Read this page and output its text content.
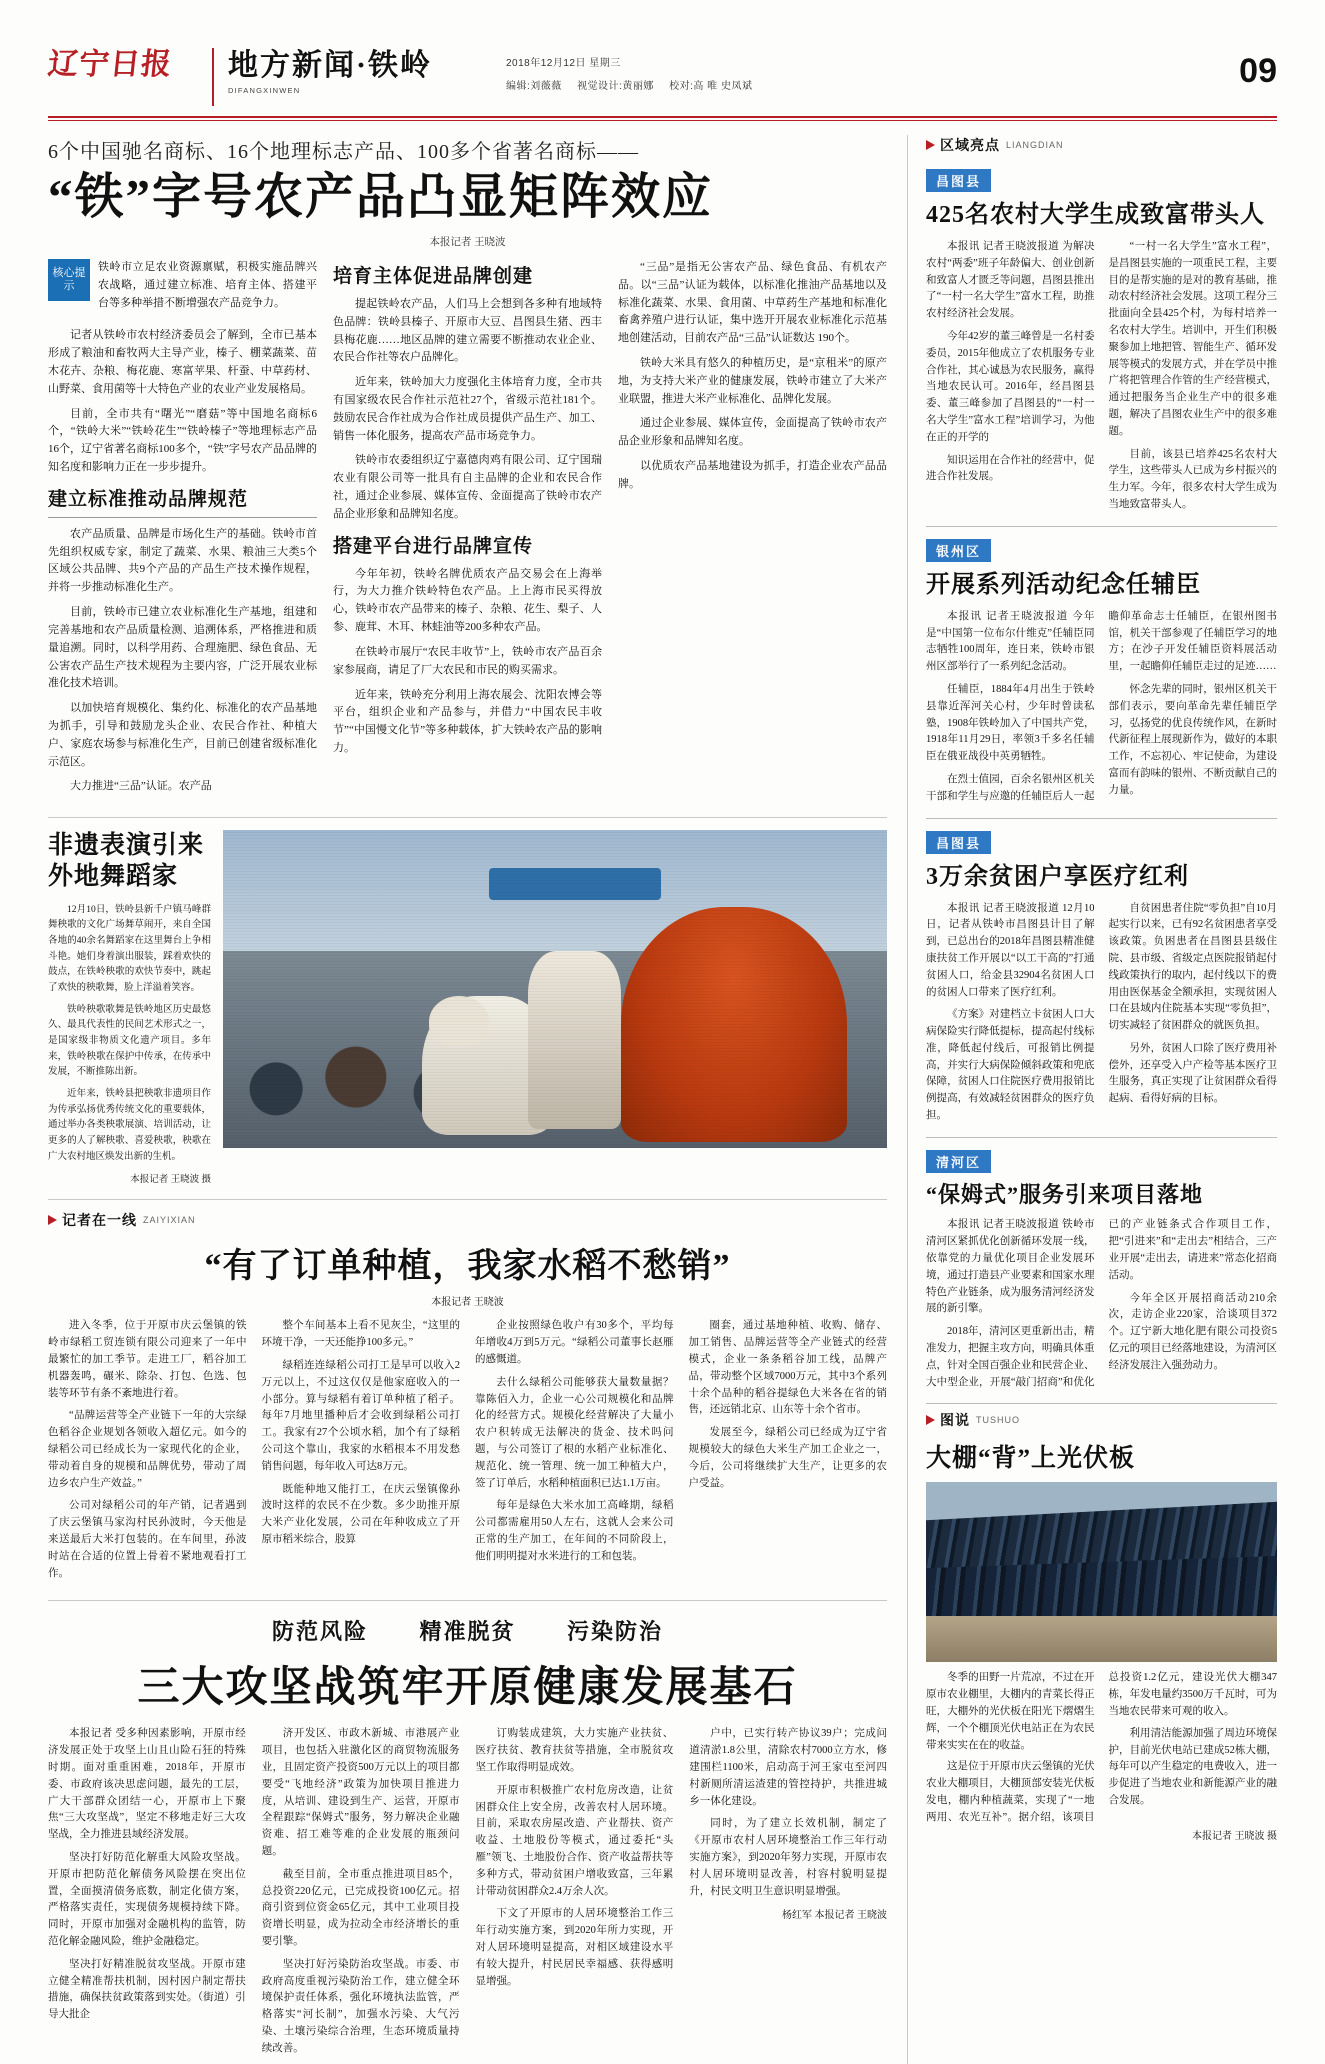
辽宁日报	地方新闻·铁岭
DIFANGXINWEN
2018年12月12日 星期三
编辑:刘薇薇 视觉设计:黄丽娜 校对:高 唯 史凤斌	09
6个中国驰名商标、16个地理标志产品、100多个省著名商标——
“铁”字号农产品凸显矩阵效应
本报记者 王晓波
核心提示

铁岭市立足农业资源禀赋，积极实施品牌兴农战略，通过建立标准、培育主体、搭建平台等多种举措不断增强农产品竞争力。

记者从铁岭市农村经济委员会了解到，全市已基本形成了粮油和畜牧两大主导产业，榛子、棚菜蔬菜、苗木花卉、杂粮、梅花鹿、寒富苹果、杆蚕、中草药材、山野菜、食用菌等十大特色产业的农业产业发展格局。

目前，全市共有“曙光”“磨菇”等中国地名商标6个，“铁岭大米”“铁岭花生”“铁岭榛子”等地理标志产品16个，辽宁省著名商标100多个，“铁”字号农产品品牌的知名度和影响力正在一步步提升。

建立标准推动品牌规范

农产品质量、品牌是市场化生产的基础。铁岭市首先组织权威专家，制定了蔬菜、水果、粮油三大类5个区域公共品牌、共9个产品的产品生产技术操作规程，并将一步推动标准化生产。

目前，铁岭市已建立农业标准化生产基地，组建和完善基地和农产品质量检测、追溯体系，严格推进和质量追溯。同时，以科学用药、合理施肥、绿色食品、无公害农产品生产技术规程为主要内容，广泛开展农业标准化技术培训。

以加快培育规模化、集约化、标准化的农产品基地为抓手，引导和鼓励龙头企业、农民合作社、种植大户、家庭农场参与标准化生产，目前已创建省级标准化示范区。

大力推进“三品”认证。农产品

培育主体促进品牌创建

提起铁岭农产品，人们马上会想到各多种有地域特色品牌：铁岭县榛子、开原市大豆、昌图县生猪、西丰县梅花鹿……地区品牌的建立需要不断推动农业企业、农民合作社等农户品牌化。

近年来，铁岭加大力度强化主体培育力度，全市共有国家级农民合作社示范社27个，省级示范社181个。鼓励农民合作社成为合作社成员提供产品生产、加工、销售一体化服务，提高农产品市场竞争力。

铁岭市农委组织辽宁嘉德肉鸡有限公司、辽宁国瑞农业有限公司等一批具有自主品牌的企业和农民合作社，通过企业参展、媒体宣传、金面提高了铁岭市农产品企业形象和品牌知名度。

搭建平台进行品牌宣传

今年年初，铁岭名牌优质农产品交易会在上海举行，为大力推介铁岭特色农产品。上上海市民买得放心，铁岭市农产品带来的榛子、杂粮、花生、梨子、人参、鹿茸、木耳、林蛙油等200多种农产品。

在铁岭市展厅“农民丰收节”上，铁岭市农产品百余家参展商，请足了厂大农民和市民的购买需求。

近年来，铁岭充分利用上海农展会、沈阳农博会等平台，组织企业和产品参与，并借力“中国农民丰收节”“中国慢文化节”等多种载体，扩大铁岭农产品的影响力。

“三品”是指无公害农产品、绿色食品、有机农产品。以“三品”认证为载体，以标准化推油产品基地以及标准化蔬菜、水果、食用菌、中草药生产基地和标准化畜禽养殖户进行认证，集中选开开展农业标准化示范基地创建活动，目前农产品“三品”认证数达 190个。

铁岭大米具有悠久的种植历史，是“京租米”的原产地，为支持大米产业的健康发展，铁岭市建立了大米产业联盟，推进大米产业标准化、品牌化发展。

通过企业参展、媒体宣传，金面提高了铁岭市农产品企业形象和品牌知名度。

以优质农产品基地建设为抓手，打造企业农产品品牌。

非遗表演引来 外地舞蹈家

12月10日，铁岭县新千户镇马峰群舞秧歌的文化广场舞草闹开，来自全国各地的40余名舞蹈家在这里舞台上争相斗艳。她们身着演出服装，踩着欢快的鼓点，在铁岭秧歌的欢快节奏中，跳起了欢快的秧歌舞，脸上洋溢着笑容。

铁岭秧歌歌舞是铁岭地区历史最悠久、最具代表性的民间艺术形式之一，是国家级非物质文化遗产项目。多年来，铁岭秧歌在保护中传承，在传承中发展，不断推陈出新。

近年来，铁岭县把秧歌非遗项目作为传承弘扬优秀传统文化的重要载体，通过举办各类秧歌展演、培训活动，让更多的人了解秧歌、喜爱秧歌，秧歌在广大农村地区焕发出新的生机。

本报记者 王晓波 摄
记者在一线 ZAIYIXIAN
“有了订单种植，我家水稻不愁销”
本报记者 王晓波

进入冬季，位于开原市庆云堡镇的铁岭市绿稻工贸连锁有限公司迎来了一年中最繁忙的加工季节。走进工厂，稻谷加工机器轰鸣，碾米、除杂、打包、色选、包装等环节有条不紊地进行着。

“品牌运营等全产业链下一年的大宗绿色稻谷企业规划各领收入超亿元。如今的绿稻公司已经成长为一家现代化的企业，带动着自身的规模和品牌优势，带动了周边乡农户生产效益。”

公司对绿稻公司的年产销，记者遇到了庆云堡镇马家沟村民孙波时，今天他是来送最后大米打包装的。在车间里，孙波时站在合适的位置上骨着不紧地观看打工作。

整个车间基本上看不见灰尘，“这里的环境干净，一天还能挣100多元。”

绿稻连连绿稻公司打工是早可以收入2万元以上，不过这仅仅是他家庭收入的一小部分。算与绿稻有着订单种植了稻子。每年7月地里播种后才会收到绿稻公司打工。我家有27个公顷水稻，加个有了绿稻公司这个靠山，我家的水稻根本不用发愁销售问题，每年收入可达8万元。

既能种地又能打工，在庆云堡镇像孙波时这样的农民不在少数。多少助推开原大米产业化发展，公司在年种收成立了开原市稻米综合，股算

企业按照绿色收户有30多个，平均每年增收4万到5万元。“绿稻公司董事长赵雁的感慨道。

去什么绿稻公司能够获大量数量据？靠陈佰入力，企业一心公司规模化和品牌化的经营方式。规模化经营解决了大量小农户积转成无法解决的货金、技术吗问题，与公司签订了根的水稻产业标准化、规范化、统一管理、统一加工种植大户，签了订单后，水稻种植面积已达1.1万亩。

每年是绿色大米水加工高峰期，绿稻公司都需雇用50人左右，这就人会来公司正常的生产加工，在年间的不同阶段上，他们明明提对水米进行的工和包装。

圈套，通过基地种植、收购、储存、加工销售、品牌运营等全产业链式的经营模式，企业一条条稻谷加工线，品牌产品，带动整个区域7000万元，其中3个系列十余个品种的稻谷提绿色大米各在省的销售，还远销北京、山东等十余个省市。

发展至今，绿稻公司已经成为辽宁省规模较大的绿色大米生产加工企业之一，今后，公司将继续扩大生产，让更多的农户受益。

防范风险 精准脱贫 污染防治
三大攻坚战筑牢开原健康发展基石

本报记者 受多种因素影响，开原市经济发展正处于攻坚上山且山险石狂的特殊时期。面对重重困难，2018年，开原市委、市政府该决思虑问题，最先的工层，广大干部群众团结一心，开原市上下聚焦“三大攻坚战”，坚定不移地走好三大攻坚战，全力推进县域经济发展。

坚决打好防范化解重大风险攻坚战。开原市把防范化解债务风险摆在突出位置，全面摸清债务底数，制定化债方案，严格落实责任，实现债务规模持续下降。同时，开原市加强对金融机构的监管，防范化解金融风险，维护金融稳定。

坚决打好精准脱贫攻坚战。开原市建立健全精准帮扶机制，因村因户制定帮扶措施，确保扶贫政策落到实处。（街道）引导大批企

济开发区、市政木新城、市港展产业项目，也包括入驻激化区的商贸物流服务业，且固定资产投资500万元以上的项目都要受“飞地经济”政策为加快项目推进力度，从培训、建设到生产、运营，开原市全程跟踪“保姆式”服务，努力解决企业融资难、招工难等难的企业发展的瓶颈问题。

截至目前，全市重点推进项目85个，总投资220亿元，已完成投资100亿元。招商引资到位资金65亿元，其中工业项目投资增长明显，成为拉动全市经济增长的重要引擎。

坚决打好污染防治攻坚战。市委、市政府高度重视污染防治工作，建立健全环境保护责任体系，强化环境执法监管，严格落实“河长制”，加强水污染、大气污染、土壤污染综合治理，生态环境质量持续改善。

订购装成建筑，大力实施产业扶贫、医疗扶贫、教育扶贫等措施，全市脱贫攻坚工作取得明显成效。

开原市积极推广农村危房改造，让贫困群众住上安全房，改善农村人居环境。目前，采取农房屋改造、产业帮扶、资产收益、土地股份等模式，通过委托“头雁”领飞、土地股份合作、资产收益帮扶等多种方式，带动贫困户增收致富，三年累计带动贫困群众2.4万余人次。

下文了开原市的人居环境整治工作三年行动实施方案，到2020年所力实现，开对人居环境明显提高，对相区域建设水平有较大提升，村民居民幸福感、获得感明显增强。

户中，已实行转产协议39户；完成问道清淤1.8公里，清除农村7000立方水，修建围栏1100米，启动高于河王家屯至河四村新厕所清运渣建的管控持护，共推进城乡一体化建设。

同时，为了建立长效机制，制定了《开原市农村人居环境整治工作三年行动实施方案》，到2020年努力实现，开原市农村人居环境明显改善，村容村貌明显提升，村民文明卫生意识明显增强。

杨红军 本报记者 王晓波
区域亮点 LIANGDIAN
昌图县
425名农村大学生成致富带头人

本报讯 记者王晓波报道 为解决农村“两委”班子年龄偏大、创业创新和致富人才匮乏等问题，昌图县推出了“一村一名大学生”富水工程，助推农村经济社会发展。

今年42岁的董三峰曾是一名村委委员，2015年他成立了农机服务专业合作社，其心诚恳为农民服务，赢得当地农民认可。2016年，经昌图县委、董三峰参加了昌图县的“一村一名大学生”富水工程”培训学习，为他在正的开学的

知识运用在合作社的经营中，促进合作社发展。

“一村一名大学生”富水工程”，是昌图县实施的一项重民工程，主要目的是帮实施的是对的教育基础，推动农村经济社会发展。这项工程分三批面向全县425个村，为每村培养一名农村大学生。培训中，开生们积极聚参加上地把管、智能生产、循环发展等模式的发展方式，并在学员中推广将把管理合作管的生产经营模式，通过把服务当企业生产中的很多难题，解决了昌图农业生产中的很多难题。

目前，该县已培养425名农村大学生，这些带头人已成为乡村振兴的生力军。今年，很多农村大学生成为当地致富带头人。

银州区
开展系列活动纪念任辅臣

本报讯 记者王晓波报道 今年是“中国第一位布尔什维克”任辅臣同志牺牲100周年，连日来，铁岭市银州区部举行了一系列纪念活动。

任辅臣，1884年4月出生于铁岭县靠近浑河关心村，少年时曾读私塾，1908年铁岭加入了中国共产党，1918年11月29日，率领3千多名任辅臣在俄亚战役中英勇牺牲。

在烈士值园，百余名银州区机关干部和学生与应邀的任辅臣后人一起瞻仰革命志士任辅臣，在银州图书馆，机关干部参观了任辅臣学习的地方；在沙子开发任辅臣资料展活动里，一起瞻仰任辅臣走过的足迹……

怀念先辈的同时，银州区机关干部们表示，要向革命先辈任辅臣学习，弘扬党的优良传统作风，在新时代新征程上展现新作为，做好的本职工作，不忘初心、牢记使命，为建设富而有韵味的银州、不断贡献自己的力量。

昌图县
3万余贫困户享医疗红利

本报讯 记者王晓波报道 12月10日，记者从铁岭市昌图县计目了解到，已总出台的2018年昌图县精准健康扶贫工作开展以“以工干高的”打通贫困人口，给金县32904名贫困人口的贫困人口带来了医疗红利。

《方案》对建档立卡贫困人口大病保险实行降低提标，提高起付线标准，降低起付线后，可报销比例提高，并实行大病保险倾斜政策和兜底保障，贫困人口住院医疗费用报销比例提高，有效减轻贫困群众的医疗负担。

自贫困患者住院“零负担”自10月起实行以来，已有92名贫困患者享受该政策。负困患者在昌图县县级住院、县市级、省级定点医院报销起付线政策执行的取内，起付线以下的费用由医保基金全额承担，实现贫困人口在县域内住院基本实现“零负担”，切实减轻了贫困群众的就医负担。

另外，贫困人口除了医疗费用补偿外，还享受入户产检等基本医疗卫生服务，真正实现了让贫困群众看得起病、看得好病的目标。

清河区
“保姆式”服务引来项目落地

本报讯 记者王晓波报道 铁岭市清河区紧抓优化创新循环发展一线，依靠党的力量优化项目企业发展环境，通过打造县产业要素和国家水理特色产业链条，成为服务清河经济发展的新引擎。

2018年，清河区更重新出击，精准发力，把握主攻方向，明确具体重点，针对全国百强企业和民营企业、大中型企业，开展“敲门招商”和优化已的产业链条式合作项目工作，把“引进来”和“走出去”相结合，三产业开展“走出去，请进来”常态化招商活动。

今年全区开展招商活动210余次，走访企业220家，洽谈项目372个。辽宁新大地化肥有限公司投资5亿元的项目已经落地建设，为清河区经济发展注入强劲动力。

图说 TUSHUO
大棚“背”上光伏板

冬季的田野一片荒凉，不过在开原市农业棚里，大棚内的青菜长得正旺，大棚外的光伏板在阳光下熠熠生辉，一个个棚顶光伏电站正在为农民带来实实在在的收益。

这是位于开原市庆云堡镇的光伏农业大棚项目，大棚顶部安装光伏板发电，棚内种植蔬菜，实现了“一地两用、农光互补”。据介绍，该项目总投资1.2亿元，建设光伏大棚347栋，年发电量约3500万千瓦时，可为当地农民带来可观的收入。

利用清洁能源加强了周边环境保护，目前光伏电站已建成52栋大棚，每年可以产生稳定的电费收入，进一步促进了当地农业和新能源产业的融合发展。

本报记者 王晓波 摄
